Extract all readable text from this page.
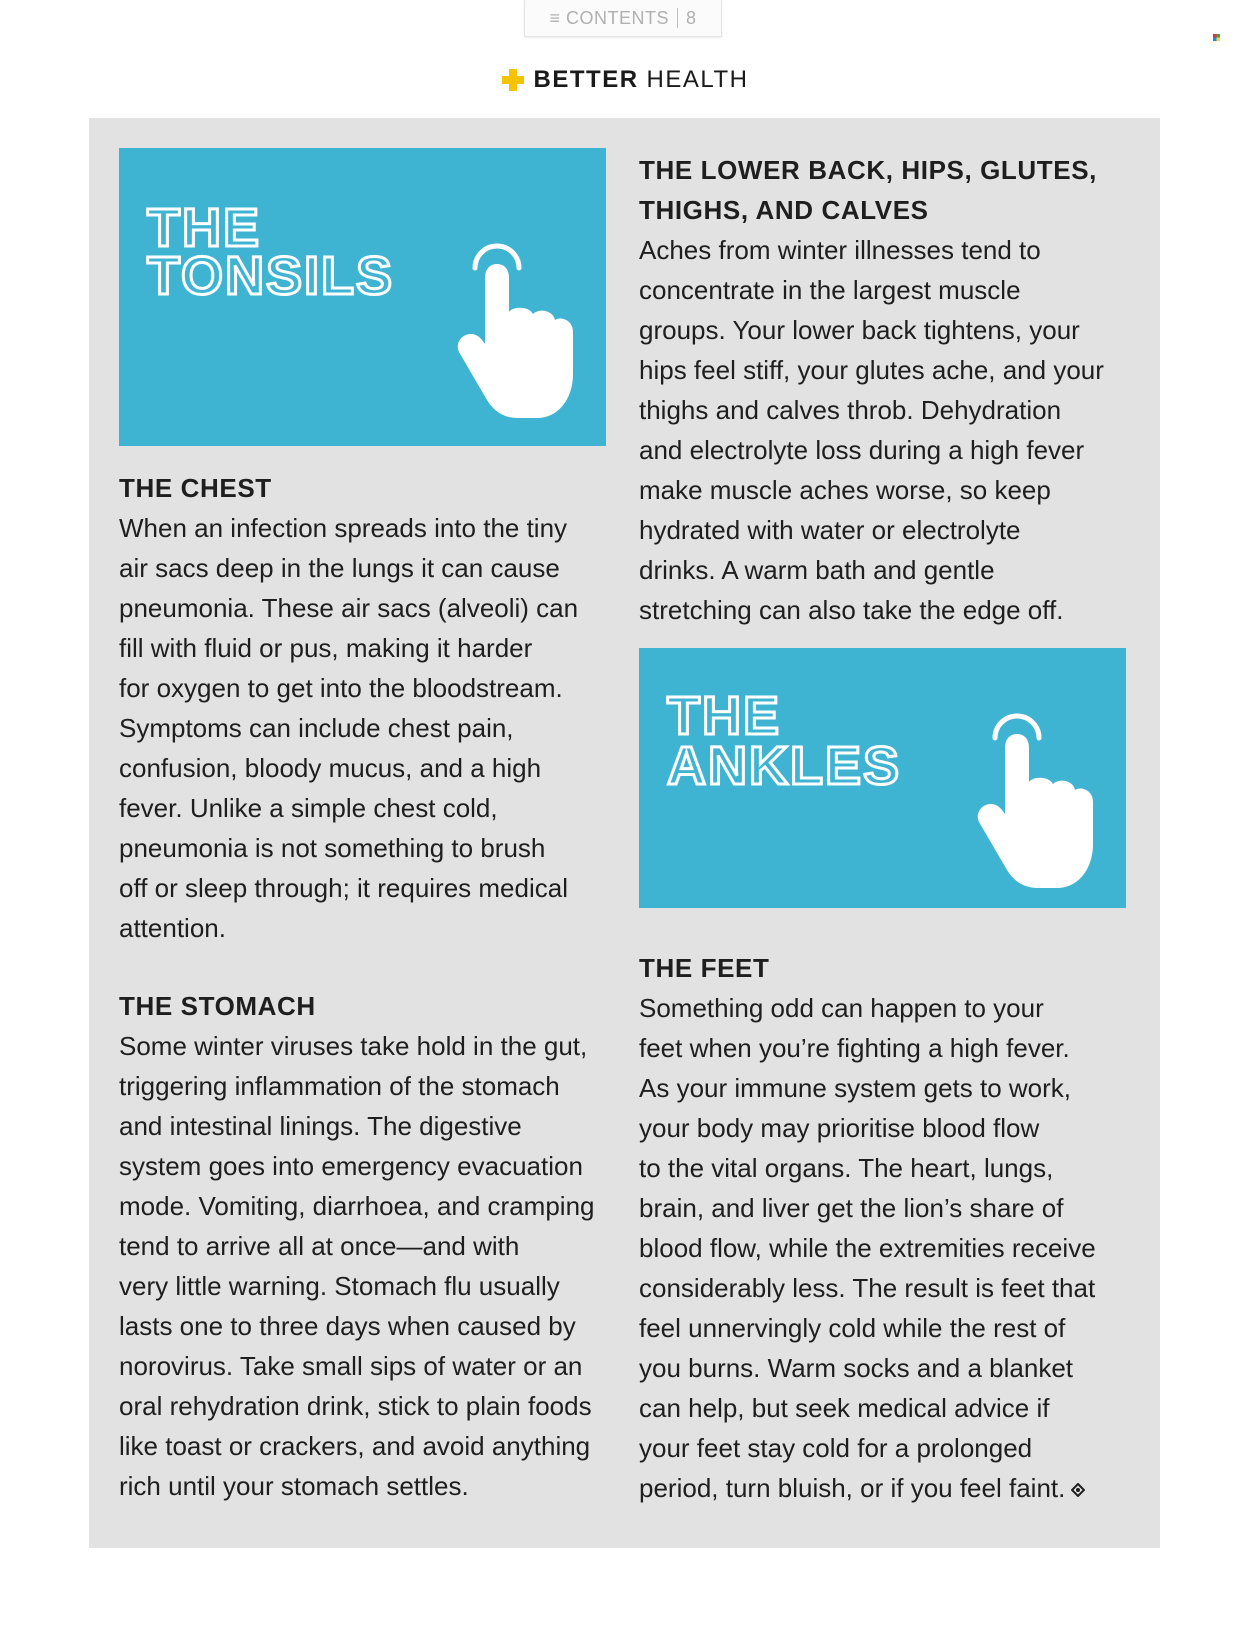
≡ CONTENTS 8
BETTER HEALTH
THE
TONSILS
THE CHEST

When an infection spreads into the tiny

air sacs deep in the lungs it can cause

pneumonia. These air sacs (alveoli) can

fill with fluid or pus, making it harder

for oxygen to get into the bloodstream.

Symptoms can include chest pain,

confusion, bloody mucus, and a high

fever. Unlike a simple chest cold,

pneumonia is not something to brush

off or sleep through; it requires medical

attention.

THE STOMACH

Some winter viruses take hold in the gut,

triggering inflammation of the stomach

and intestinal linings. The digestive

system goes into emergency evacuation

mode. Vomiting, diarrhoea, and cramping

tend to arrive all at once—and with

very little warning. Stomach flu usually

lasts one to three days when caused by

norovirus. Take small sips of water or an

oral rehydration drink, stick to plain foods

like toast or crackers, and avoid anything

rich until your stomach settles.

THE LOWER BACK, HIPS, GLUTES,
THIGHS, AND CALVES

Aches from winter illnesses tend to

concentrate in the largest muscle

groups. Your lower back tightens, your

hips feel stiff, your glutes ache, and your

thighs and calves throb. Dehydration

and electrolyte loss during a high fever

make muscle aches worse, so keep

hydrated with water or electrolyte

drinks. A warm bath and gentle

stretching can also take the edge off.

THE
ANKLES
THE FEET

Something odd can happen to your

feet when you’re fighting a high fever.

As your immune system gets to work,

your body may prioritise blood flow

to the vital organs. The heart, lungs,

brain, and liver get the lion’s share of

blood flow, while the extremities receive

considerably less. The result is feet that

feel unnervingly cold while the rest of

you burns. Warm socks and a blanket

can help, but seek medical advice if

your feet stay cold for a prolonged

period, turn bluish, or if you feel faint.
